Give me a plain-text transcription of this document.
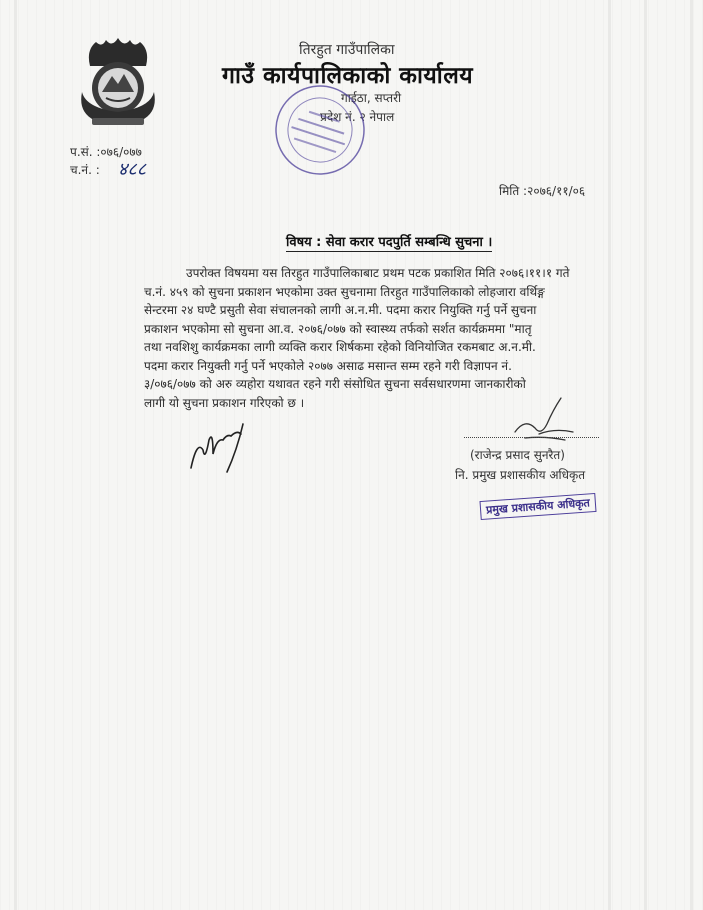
तिरहुत गाउँपालिका
गाउँ कार्यपालिकाको कार्यालय
गाईठा, सप्तरी
प्रदेश नं. २ नेपाल
प.सं. :०७६/०७७
च.नं. : ४८८
मिति :२०७६/११/०६
विषय : सेवा करार पदपुर्ति सम्बन्धि सुचना ।
उपरोक्त विषयमा यस तिरहुत गाउँपालिकाबाट प्रथम पटक प्रकाशित मिति २०७६।११।१ गते
च.नं. ४५९ को सुचना प्रकाशन भएकोमा उक्त सुचनामा तिरहुत गाउँपालिकाको लोहजारा वर्थिङ्ग
सेन्टरमा २४ घण्टै प्रसुती सेवा संचालनको लागी अ.न.मी. पदमा करार नियुक्ति गर्नु पर्ने सुचना
प्रकाशन भएकोमा सो सुचना आ.व. २०७६/०७७ को स्वास्थ्य तर्फको सर्शत कार्यक्रममा "मातृ
तथा नवशिशु कार्यक्रमका लागी व्यक्ति करार शिर्षकमा रहेको विनियोजित रकमबाट अ.न.मी.
पदमा करार नियुक्ती गर्नु पर्ने भएकोले २०७७ असाढ मसान्त सम्म रहने गरी विज्ञापन नं.
३/०७६/०७७ को अरु व्यहोरा यथावत रहने गरी संसोधित सुचना सर्वसधारणमा जानकारीको
लागी यो सुचना प्रकाशन गरिएको छ ।
(राजेन्द्र प्रसाद सुनरैत)
नि. प्रमुख प्रशासकीय अधिकृत
प्रमुख प्रशासकीय अधिकृत
